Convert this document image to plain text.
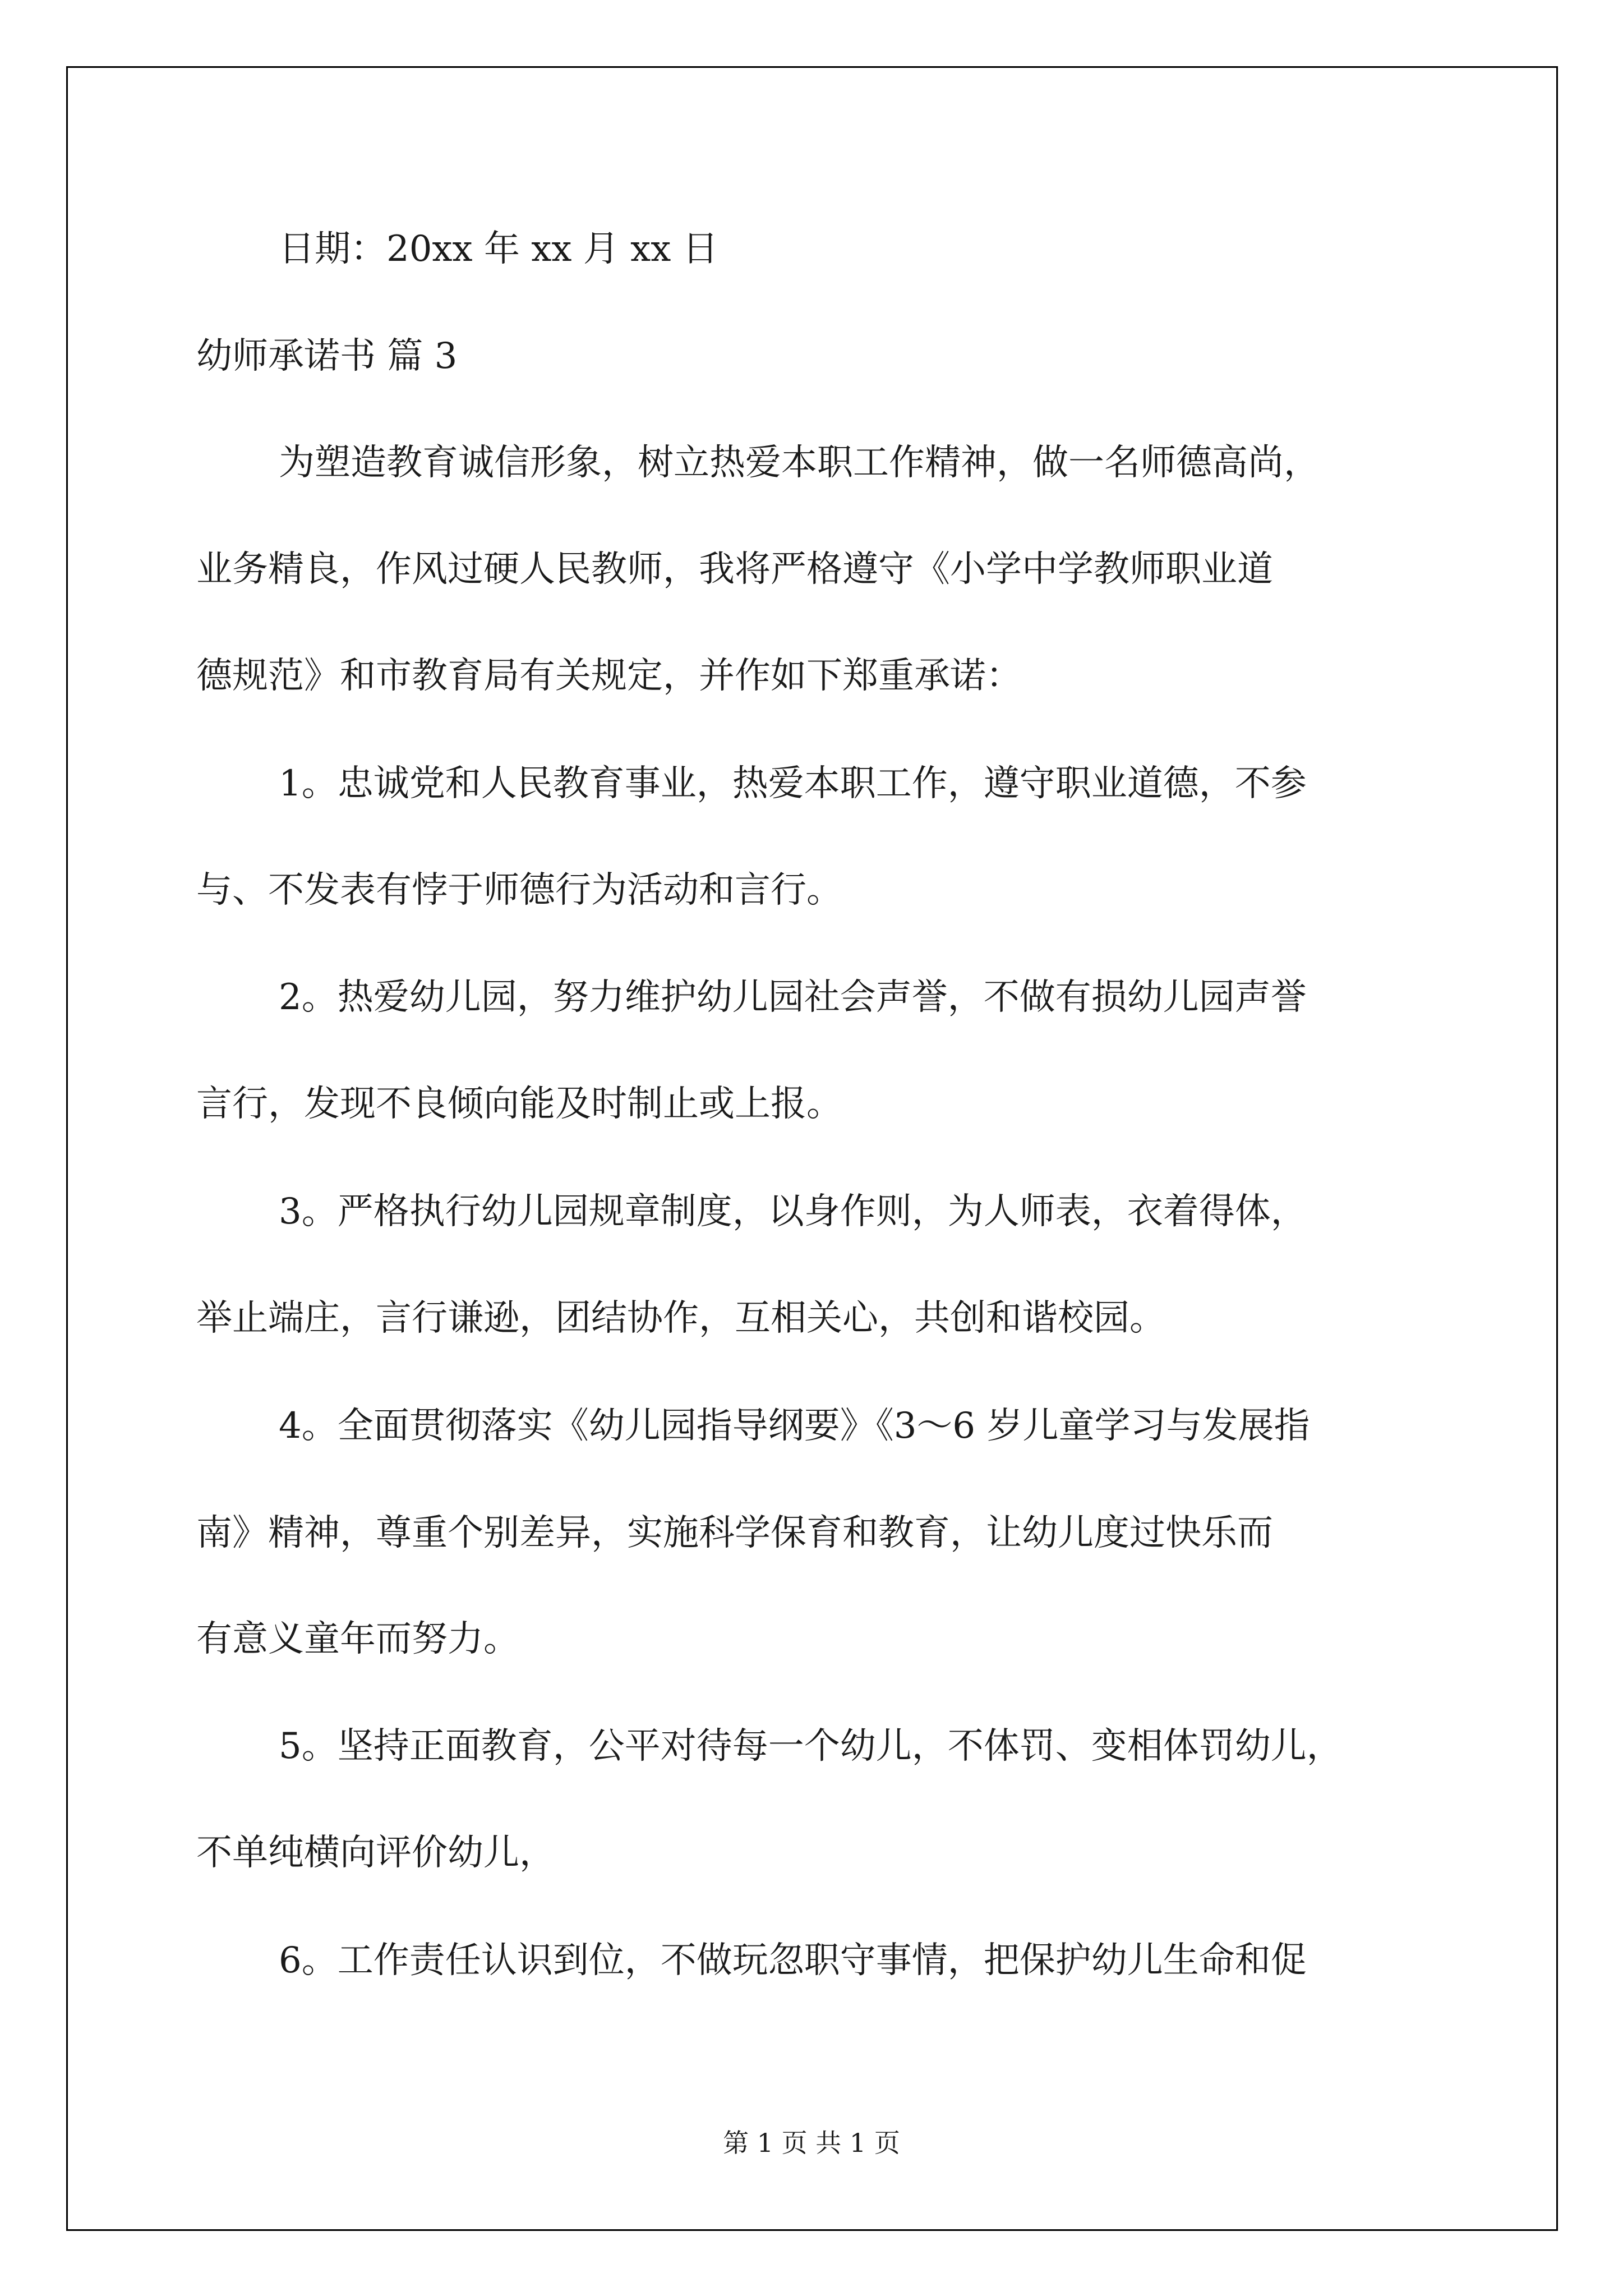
日期：20xx 年 xx 月 xx 日
幼师承诺书 篇 3
为塑造教育诚信形象，树立热爱本职工作精神，做一名师德高尚，
业务精良，作风过硬人民教师，我将严格遵守《小学中学教师职业道
德规范》和市教育局有关规定，并作如下郑重承诺：
1。忠诚党和人民教育事业，热爱本职工作，遵守职业道德，不参
与、不发表有悖于师德行为活动和言行。
2。热爱幼儿园，努力维护幼儿园社会声誉，不做有损幼儿园声誉
言行，发现不良倾向能及时制止或上报。
3。严格执行幼儿园规章制度，以身作则，为人师表，衣着得体，
举止端庄，言行谦逊，团结协作，互相关心，共创和谐校园。
4。全面贯彻落实《幼儿园指导纲要》《3～6 岁儿童学习与发展指
南》精神，尊重个别差异，实施科学保育和教育，让幼儿度过快乐而
有意义童年而努力。
5。坚持正面教育，公平对待每一个幼儿，不体罚、变相体罚幼儿，
不单纯横向评价幼儿，
6。工作责任认识到位，不做玩忽职守事情，把保护幼儿生命和促
第 1 页 共 1 页
